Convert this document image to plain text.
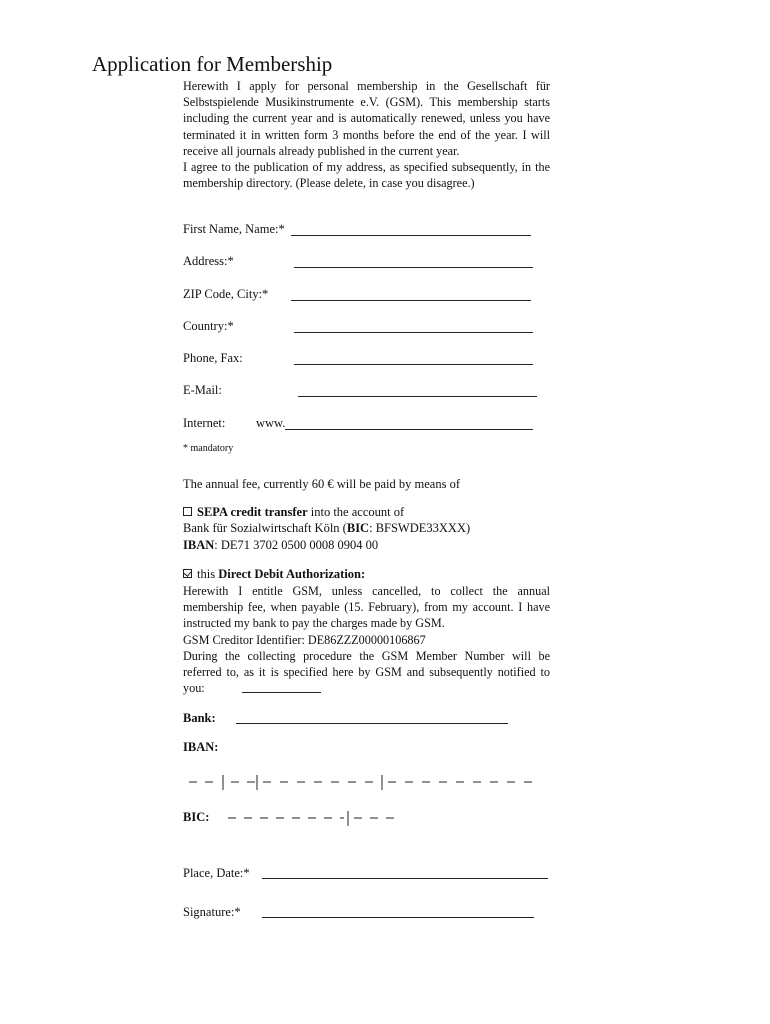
Application for Membership

Herewith I apply for personal membership in the Gesellschaft für Selbstspielende Musikinstrumente e.V. (GSM). This membership starts including the current year and is automatically renewed, unless you have terminated it in written form 3 months before the end of the year. I will receive all journals already published in the current year.

I agree to the publication of my address, as specified subsequently, in the membership directory. (Please delete, in case you disagree.)

First Name, Name:*
Address:*
ZIP Code, City:*
Country:*
Phone, Fax:
E-Mail:
Internet: www.
* mandatory
The annual fee, currently 60 € will be paid by means of
SEPA credit transfer into the account of
Bank für Sozialwirtschaft Köln (BIC: BFSWDE33XXX)
IBAN: DE71 3702 0500 0008 0904 00
this Direct Debit Authorization:

Herewith I entitle GSM, unless cancelled, to collect the annual membership fee, when payable (15. February), from my account. I have instructed my bank to pay the charges made by GSM.

GSM Creditor Identifier: DE86ZZZ00000106867

During the collecting procedure the GSM Member Number will be referred to, as it is specified here by GSM and subsequently notified to you:

Bank:
IBAN:
BIC:
Place, Date:*
Signature:*
